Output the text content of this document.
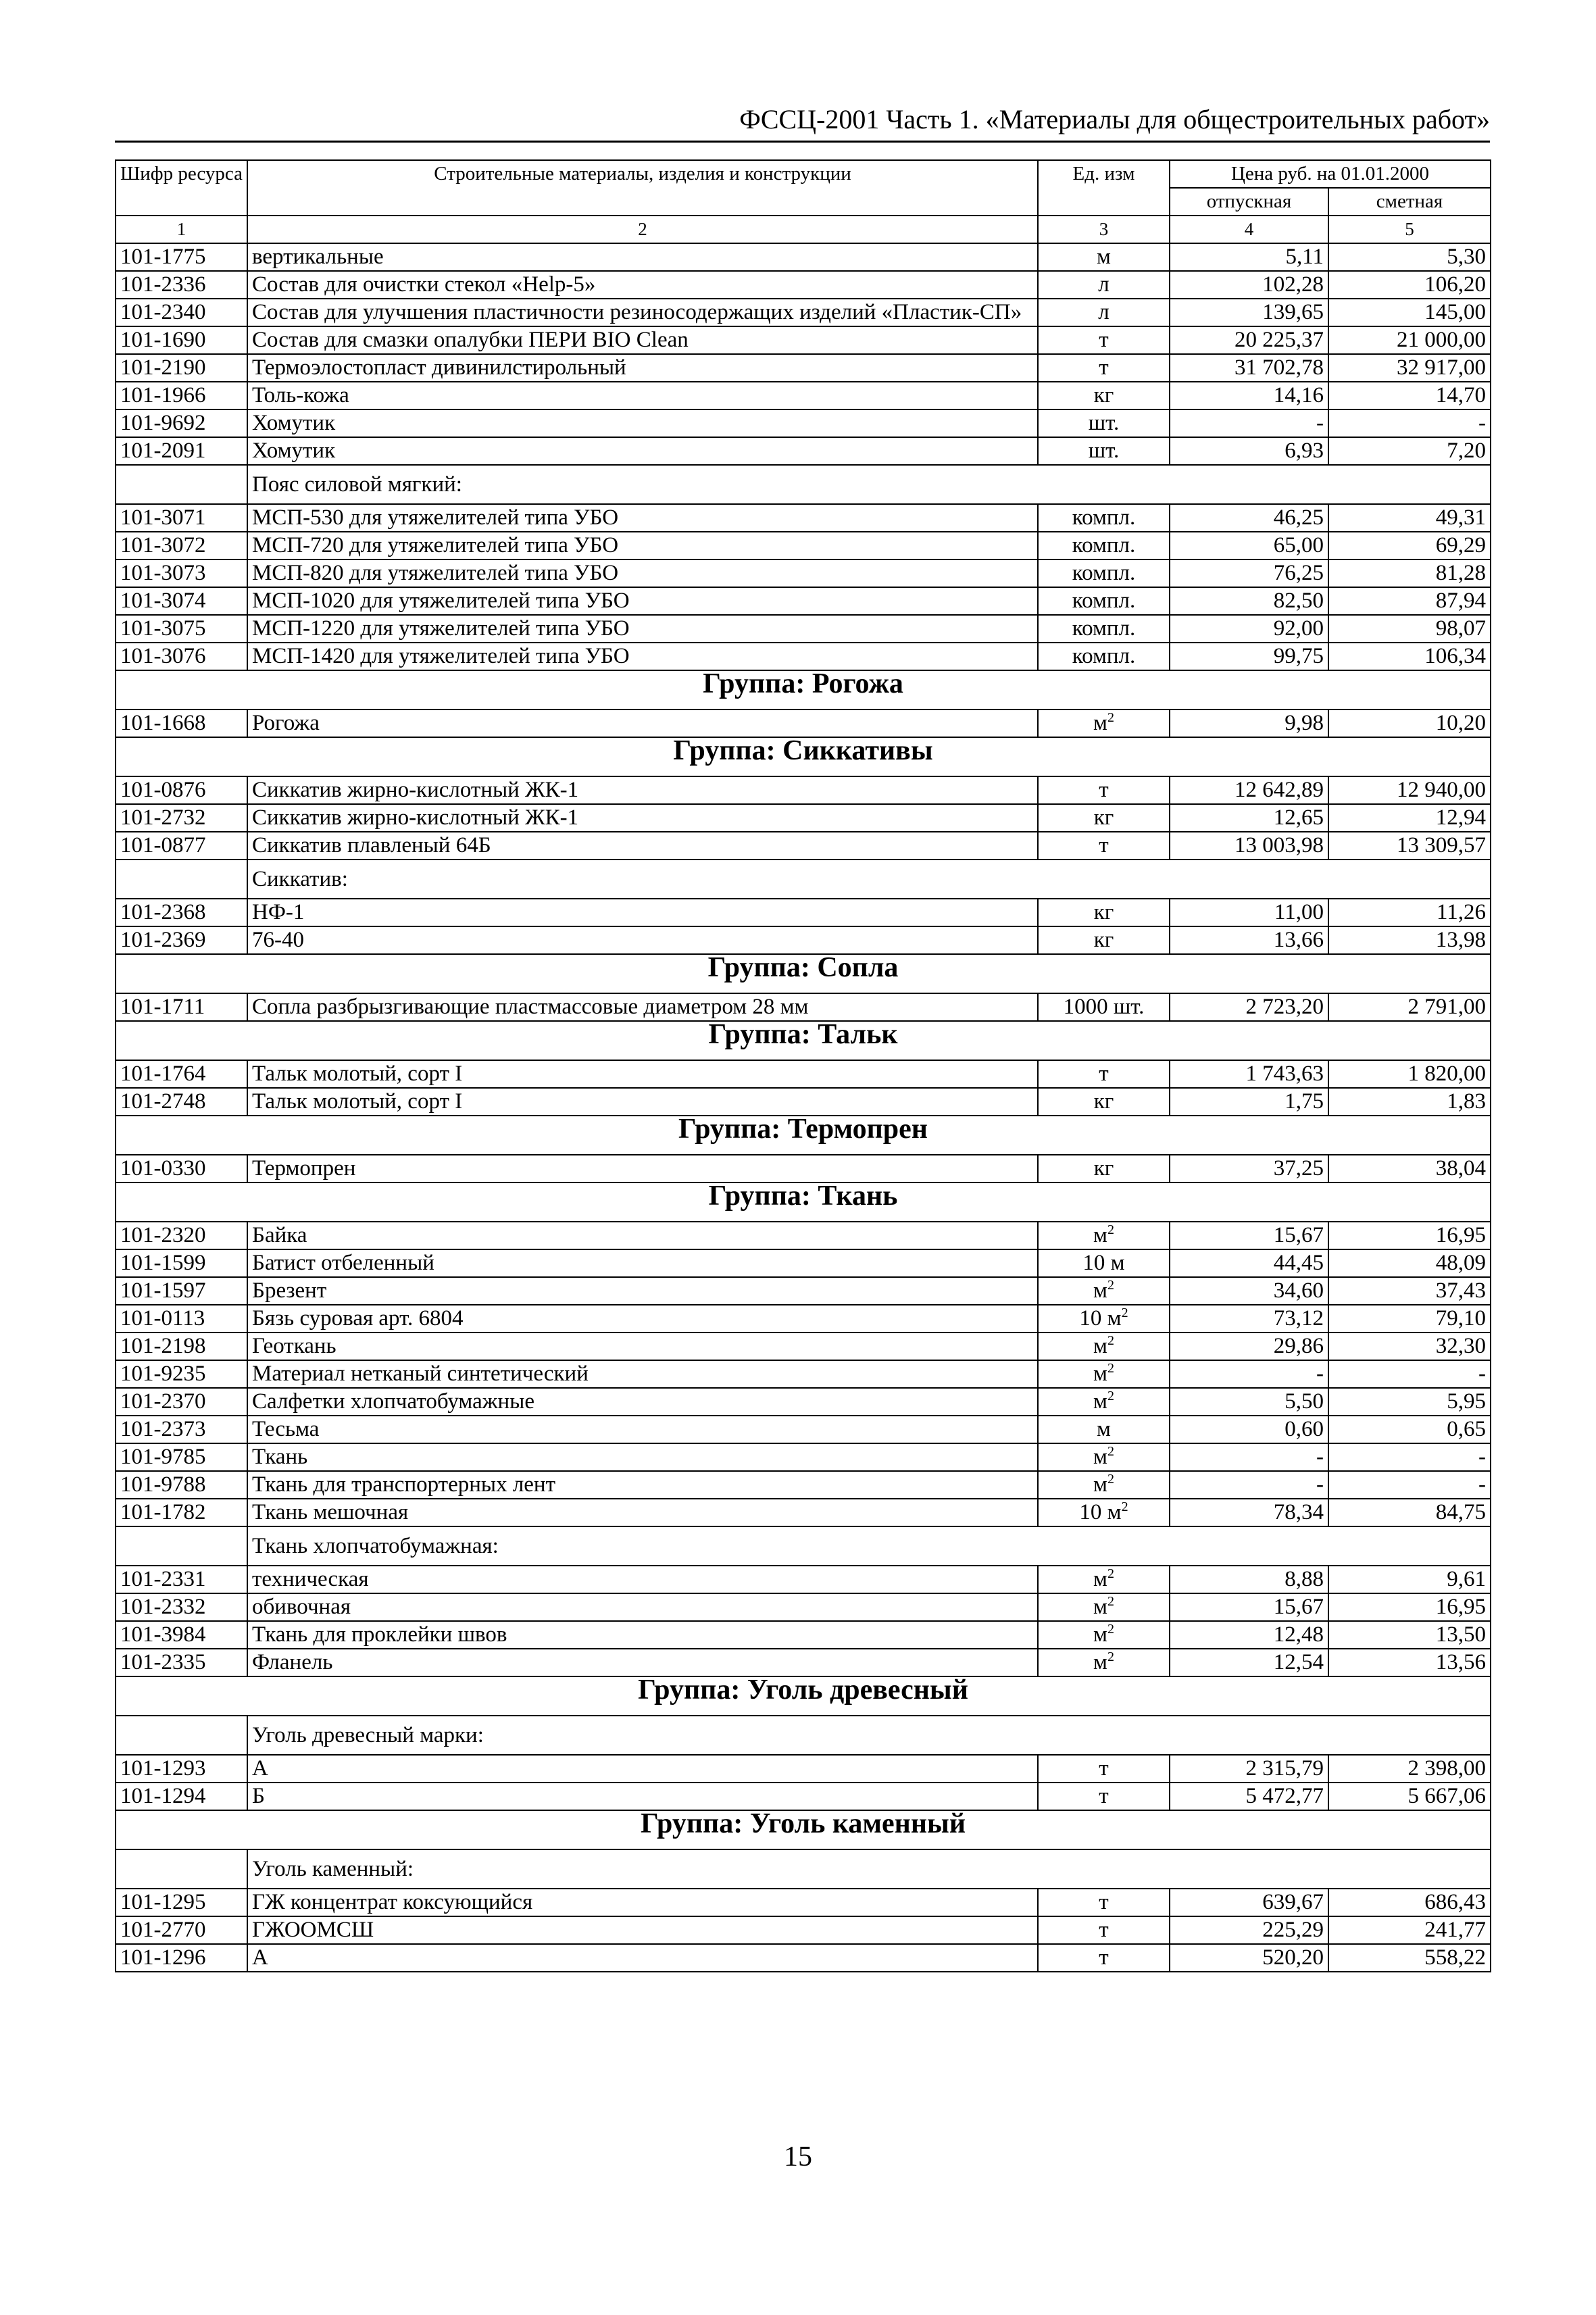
ФССЦ-2001 Часть 1. «Материалы для общестроительных работ»
Шифр ресурса	Строительные материалы, изделия и конструкции	Ед. изм	Цена руб. на 01.01.2000	
			отпускная	сметная
1	2	3	4	5
101-1775	вертикальные	м	5,11	5,30
101-2336	Состав для очистки стекол «Help-5»	л	102,28	106,20
101-2340	Состав для улучшения пластичности резиносодержащих изделий «Пластик-СП»	л	139,65	145,00
101-1690	Состав для смазки опалубки ПЕРИ BIO Clean	т	20 225,37	21 000,00
101-2190	Термоэлостопласт дивинилстирольный	т	31 702,78	32 917,00
101-1966	Толь-кожа	кг	14,16	14,70
101-9692	Хомутик	шт.	-	-
101-2091	Хомутик	шт.	6,93	7,20
	Пояс силовой мягкий:			
101-3071	МСП-530 для утяжелителей типа УБО	компл.	46,25	49,31
101-3072	МСП-720 для утяжелителей типа УБО	компл.	65,00	69,29
101-3073	МСП-820 для утяжелителей типа УБО	компл.	76,25	81,28
101-3074	МСП-1020 для утяжелителей типа УБО	компл.	82,50	87,94
101-3075	МСП-1220 для утяжелителей типа УБО	компл.	92,00	98,07
101-3076	МСП-1420 для утяжелителей типа УБО	компл.	99,75	106,34
Группа: Рогожа				
101-1668	Рогожа	$м^2$	9,98	10,20
Группа: Сиккативы				
101-0876	Сиккатив жирно-кислотный ЖК-1	т	12 642,89	12 940,00
101-2732	Сиккатив жирно-кислотный ЖК-1	кг	12,65	12,94
101-0877	Сиккатив плавленый 64Б	т	13 003,98	13 309,57
	Сиккатив:			
101-2368	НФ-1	кг	11,00	11,26
101-2369	76-40	кг	13,66	13,98
Группа: Сопла				
101-1711	Сопла разбрызгивающие пластмассовые диаметром 28 мм	1000 шт.	2 723,20	2 791,00
Группа: Тальк				
101-1764	Тальк молотый, сорт I	т	1 743,63	1 820,00
101-2748	Тальк молотый, сорт I	кг	1,75	1,83
Группа: Термопрен				
101-0330	Термопрен	кг	37,25	38,04
Группа: Ткань				
101-2320	Байка	$м^2$	15,67	16,95
101-1599	Батист отбеленный	10 м	44,45	48,09
101-1597	Брезент	$м^2$	34,60	37,43
101-0113	Бязь суровая арт. 6804	10 $м^2$	73,12	79,10
101-2198	Геоткань	$м^2$	29,86	32,30
101-9235	Материал нетканый синтетический	$м^2$	-	-
101-2370	Салфетки хлопчатобумажные	$м^2$	5,50	5,95
101-2373	Тесьма	м	0,60	0,65
101-9785	Ткань	$м^2$	-	-
101-9788	Ткань для транспортерных лент	$м^2$	-	-
101-1782	Ткань мешочная	10 $м^2$	78,34	84,75
	Ткань хлопчатобумажная:			
101-2331	техническая	$м^2$	8,88	9,61
101-2332	обивочная	$м^2$	15,67	16,95
101-3984	Ткань для проклейки швов	$м^2$	12,48	13,50
101-2335	Фланель	$м^2$	12,54	13,56
Группа: Уголь древесный				
	Уголь древесный марки:			
101-1293	А	т	2 315,79	2 398,00
101-1294	Б	т	5 472,77	5 667,06
Группа: Уголь каменный				
	Уголь каменный:			
101-1295	ГЖ концентрат коксующийся	т	639,67	686,43
101-2770	ГЖООМСШ	т	225,29	241,77
101-1296	А	т	520,20	558,22
15
